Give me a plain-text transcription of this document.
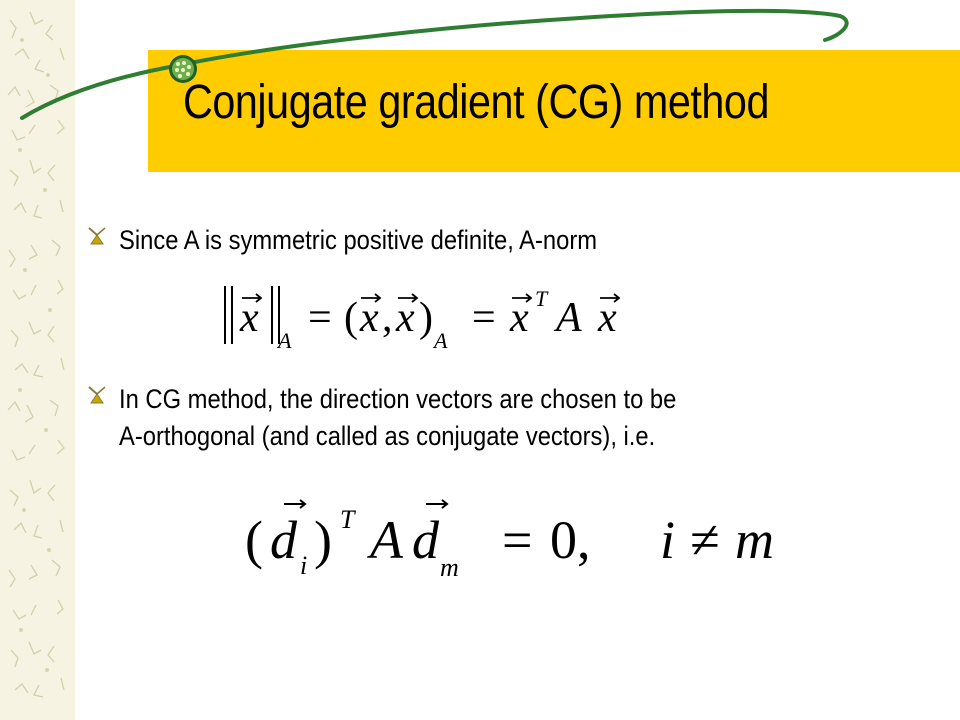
Conjugate gradient (CG) method

Since A is symmetric positive definite, A-norm

x A = ( x , x ) A = x T A x

In CG method, the direction vectors are chosen to be
A-orthogonal (and called as conjugate vectors), i.e.

( d i ) T A d m = 0, i ≠ m
